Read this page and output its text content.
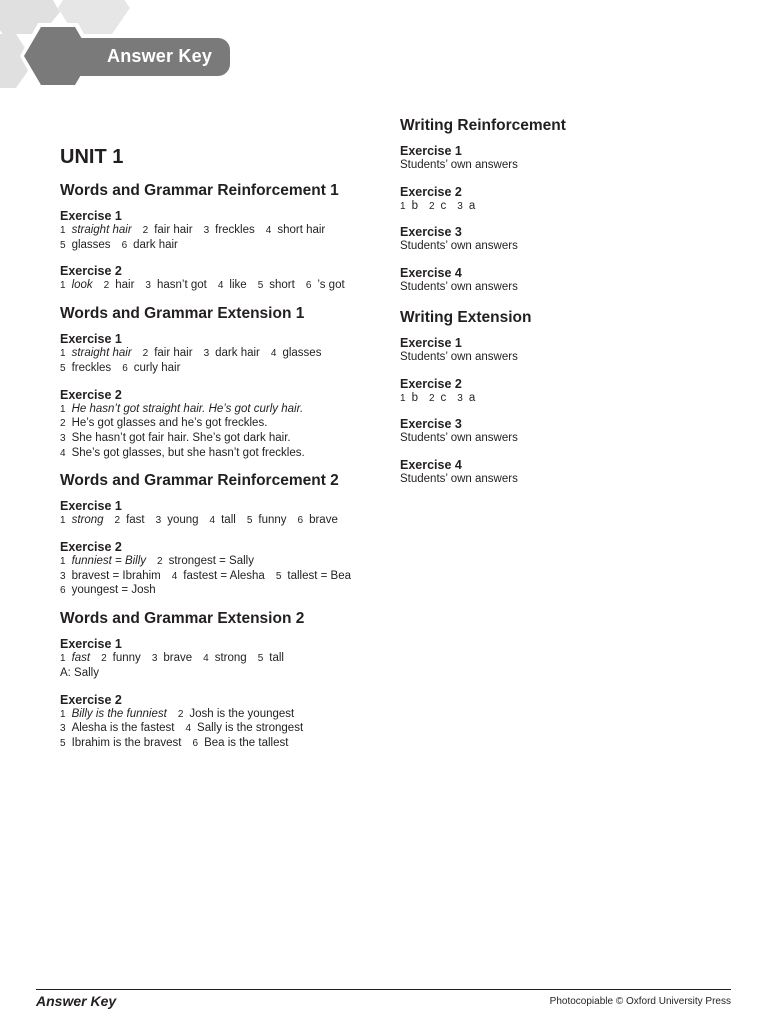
Answer Key
UNIT 1
Words and Grammar Reinforcement 1
Exercise 1
1 straight hair 2 fair hair 3 freckles 4 short hair
5 glasses 6 dark hair
Exercise 2
1 look 2 hair 3 hasn’t got 4 like 5 short 6 ’s got
Words and Grammar Extension 1
Exercise 1
1 straight hair 2 fair hair 3 dark hair 4 glasses
5 freckles 6 curly hair
Exercise 2
1 He hasn’t got straight hair. He’s got curly hair.
2 He’s got glasses and he’s got freckles.
3 She hasn’t got fair hair. She’s got dark hair.
4 She’s got glasses, but she hasn’t got freckles.
Words and Grammar Reinforcement 2
Exercise 1
1 strong 2 fast 3 young 4 tall 5 funny 6 brave
Exercise 2
1 funniest = Billy 2 strongest = Sally
3 bravest = Ibrahim 4 fastest = Alesha 5 tallest = Bea
6 youngest = Josh
Words and Grammar Extension 2
Exercise 1
1 fast 2 funny 3 brave 4 strong 5 tall
A: Sally
Exercise 2
1 Billy is the funniest 2 Josh is the youngest
3 Alesha is the fastest 4 Sally is the strongest
5 Ibrahim is the bravest 6 Bea is the tallest
Writing Reinforcement
Exercise 1
Students’ own answers
Exercise 2
1 b 2 c 3 a
Exercise 3
Students’ own answers
Exercise 4
Students’ own answers
Writing Extension
Exercise 1
Students’ own answers
Exercise 2
1 b 2 c 3 a
Exercise 3
Students’ own answers
Exercise 4
Students’ own answers
Answer Key	Photocopiable © Oxford University Press
